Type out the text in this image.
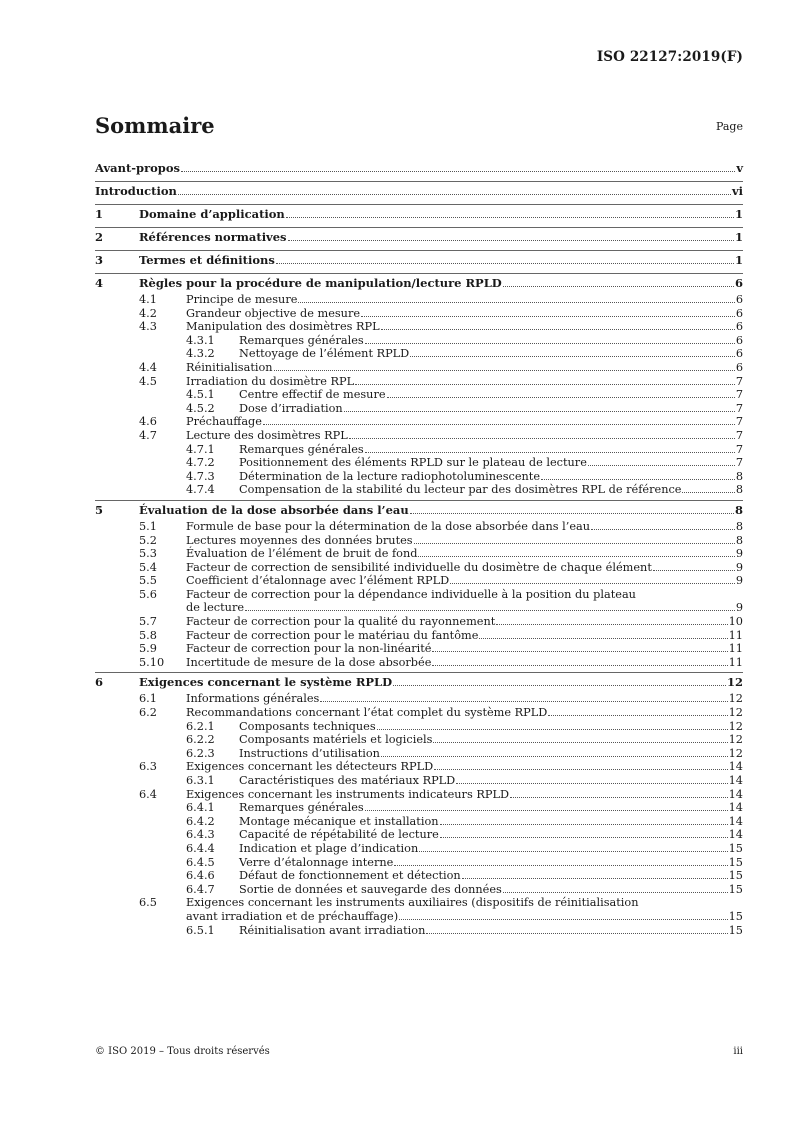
ISO 22127:2019(F)
Sommaire	Page
Avant-propos	v
Introduction	vi
1	Domaine d’application	1
2	Références normatives	1
3	Termes et définitions	1
4	Règles pour la procédure de manipulation/lecture RPLD	6
4.1	Principe de mesure	6
4.2	Grandeur objective de mesure	6
4.3	Manipulation des dosimètres RPL	6
4.3.1 Remarques générales	6
4.3.2 Nettoyage de l’élément RPLD	6
4.4	Réinitialisation	6
4.5	Irradiation du dosimètre RPL	7
4.5.1 Centre effectif de mesure	7
4.5.2 Dose d’irradiation	7
4.6	Préchauffage	7
4.7	Lecture des dosimètres RPL	7
4.7.1 Remarques générales	7
4.7.2 Positionnement des éléments RPLD sur le plateau de lecture	7
4.7.3 Détermination de la lecture radiophotoluminescente	8
4.7.4 Compensation de la stabilité du lecteur par des dosimètres RPL de référence	8
5	Évaluation de la dose absorbée dans l’eau	8
5.1	Formule de base pour la détermination de la dose absorbée dans l’eau	8
5.2	Lectures moyennes des données brutes	8
5.3	Évaluation de l’élément de bruit de fond	9
5.4	Facteur de correction de sensibilité individuelle du dosimètre de chaque élément	9
5.5	Coefficient d’étalonnage avec l’élément RPLD	9
5.6	Facteur de correction pour la dépendance individuelle à la position du plateau
de lecture	9
5.7	Facteur de correction pour la qualité du rayonnement	10
5.8	Facteur de correction pour le matériau du fantôme	11
5.9	Facteur de correction pour la non-linéarité	11
5.10 Incertitude de mesure de la dose absorbée	11
6	Exigences concernant le système RPLD	12
6.1	Informations générales	12
6.2	Recommandations concernant l’état complet du système RPLD	12
6.2.1 Composants techniques	12
6.2.2 Composants matériels et logiciels	12
6.2.3 Instructions d’utilisation	12
6.3	Exigences concernant les détecteurs RPLD	14
6.3.1 Caractéristiques des matériaux RPLD	14
6.4	Exigences concernant les instruments indicateurs RPLD	14
6.4.1 Remarques générales	14
6.4.2 Montage mécanique et installation	14
6.4.3 Capacité de répétabilité de lecture	14
6.4.4 Indication et plage d’indication	15
6.4.5 Verre d’étalonnage interne	15
6.4.6 Défaut de fonctionnement et détection	15
6.4.7 Sortie de données et sauvegarde des données	15
6.5	Exigences concernant les instruments auxiliaires (dispositifs de réinitialisation
avant irradiation et de préchauffage)	15
6.5.1 Réinitialisation avant irradiation	15
© ISO 2019 – Tous droits réservés	iii
